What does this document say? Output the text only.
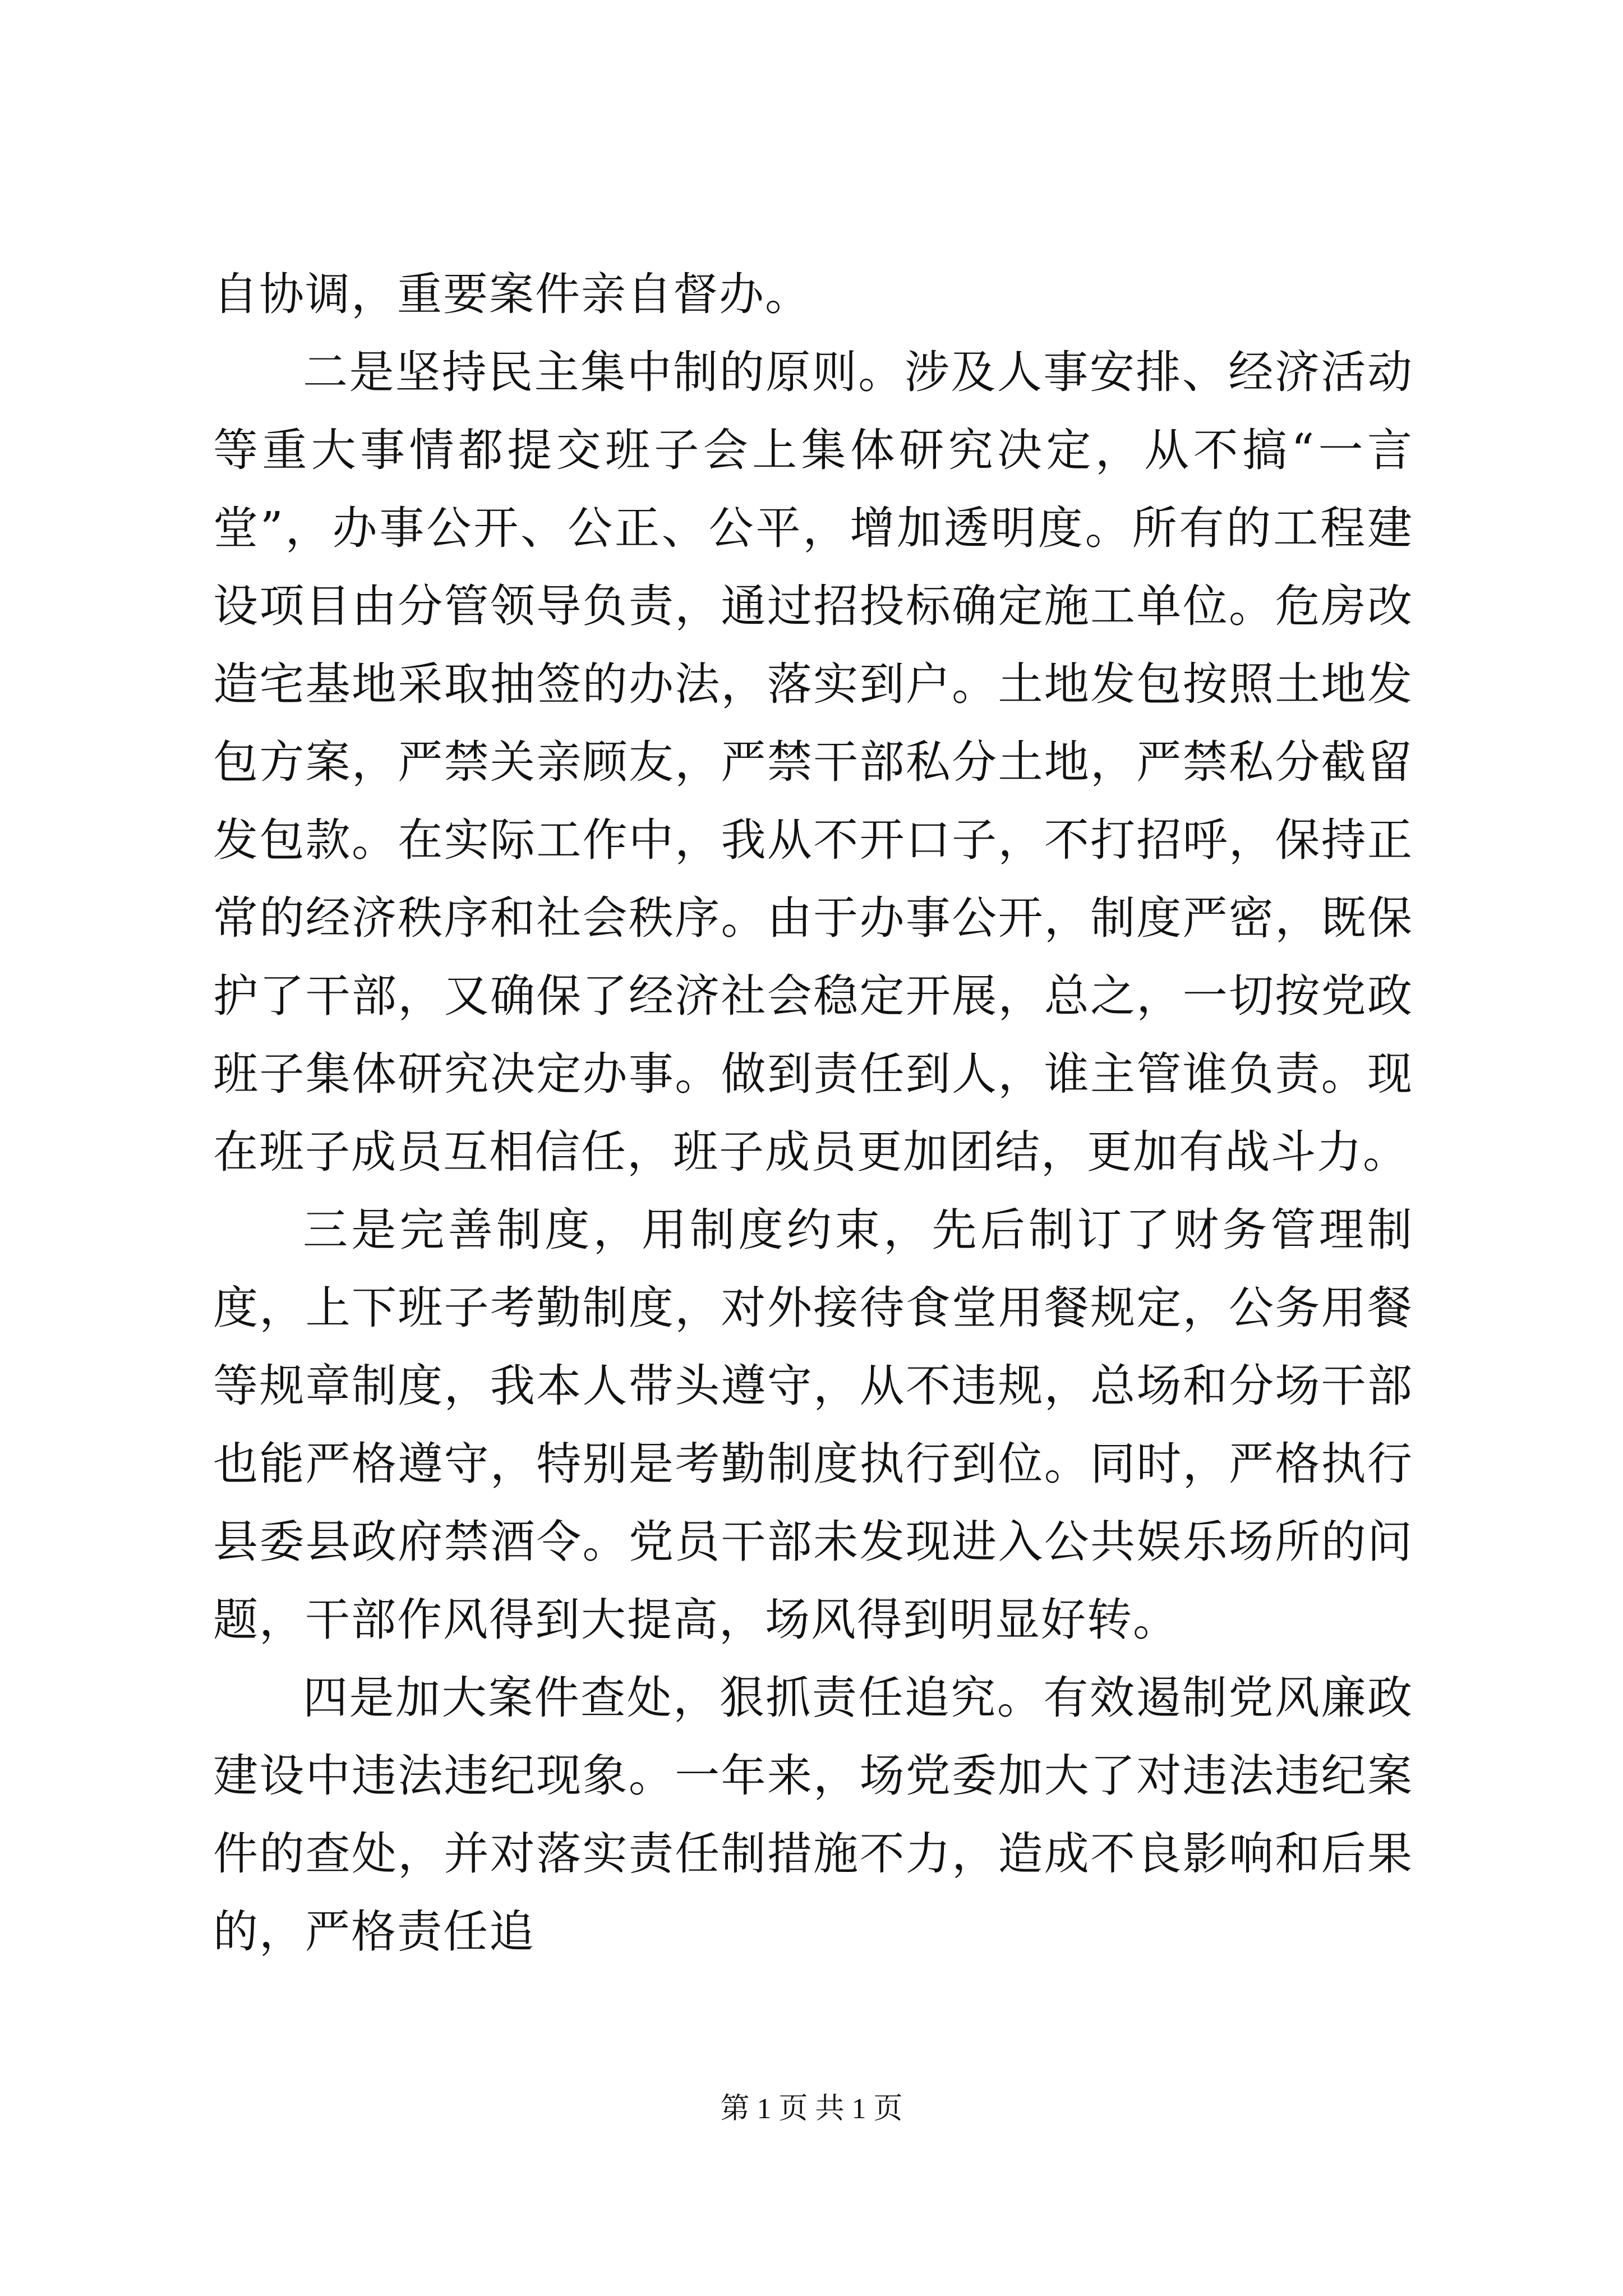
自协调，重要案件亲自督办。

二是坚持民主集中制的原则。涉及人事安排、经济活动等重大事情都提交班子会上集体研究决定，从不搞“一言堂”，办事公开、公正、公平，增加透明度。所有的工程建设项目由分管领导负责，通过招投标确定施工单位。危房改造宅基地采取抽签的办法，落实到户。土地发包按照土地发包方案，严禁关亲顾友，严禁干部私分土地，严禁私分截留发包款。在实际工作中，我从不开口子，不打招呼，保持正常的经济秩序和社会秩序。由于办事公开，制度严密，既保护了干部，又确保了经济社会稳定开展，总之，一切按党政班子集体研究决定办事。做到责任到人，谁主管谁负责。现在班子成员互相信任，班子成员更加团结，更加有战斗力。

三是完善制度，用制度约束，先后制订了财务管理制度，上下班子考勤制度，对外接待食堂用餐规定，公务用餐等规章制度，我本人带头遵守，从不违规，总场和分场干部也能严格遵守，特别是考勤制度执行到位。同时，严格执行县委县政府禁酒令。党员干部未发现进入公共娱乐场所的问题，干部作风得到大提高，场风得到明显好转。

四是加大案件查处，狠抓责任追究。有效遏制党风廉政建设中违法违纪现象。一年来，场党委加大了对违法违纪案件的查处，并对落实责任制措施不力，造成不良影响和后果的，严格责任追

第 1 页 共 1 页
